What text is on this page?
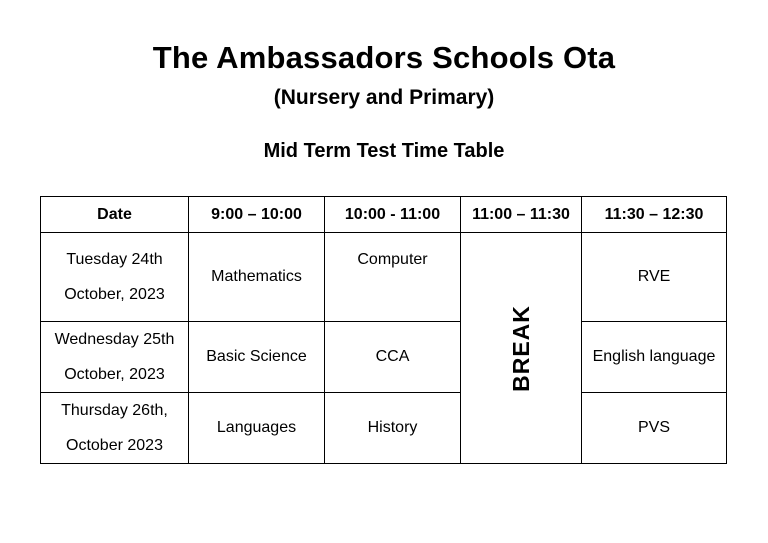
The Ambassadors Schools Ota
(Nursery and Primary)
Mid Term Test Time Table
Date	9:00 – 10:00	10:00 - 11:00	11:00 – 11:30	11:30 – 12:30

Tuesday 24th
October, 2023	Mathematics	Computer	BREAK	RVE

Wednesday 25th
October, 2023	Basic Science	CCA		English language

Thursday 26th,
October 2023	Languages	History		PVS
